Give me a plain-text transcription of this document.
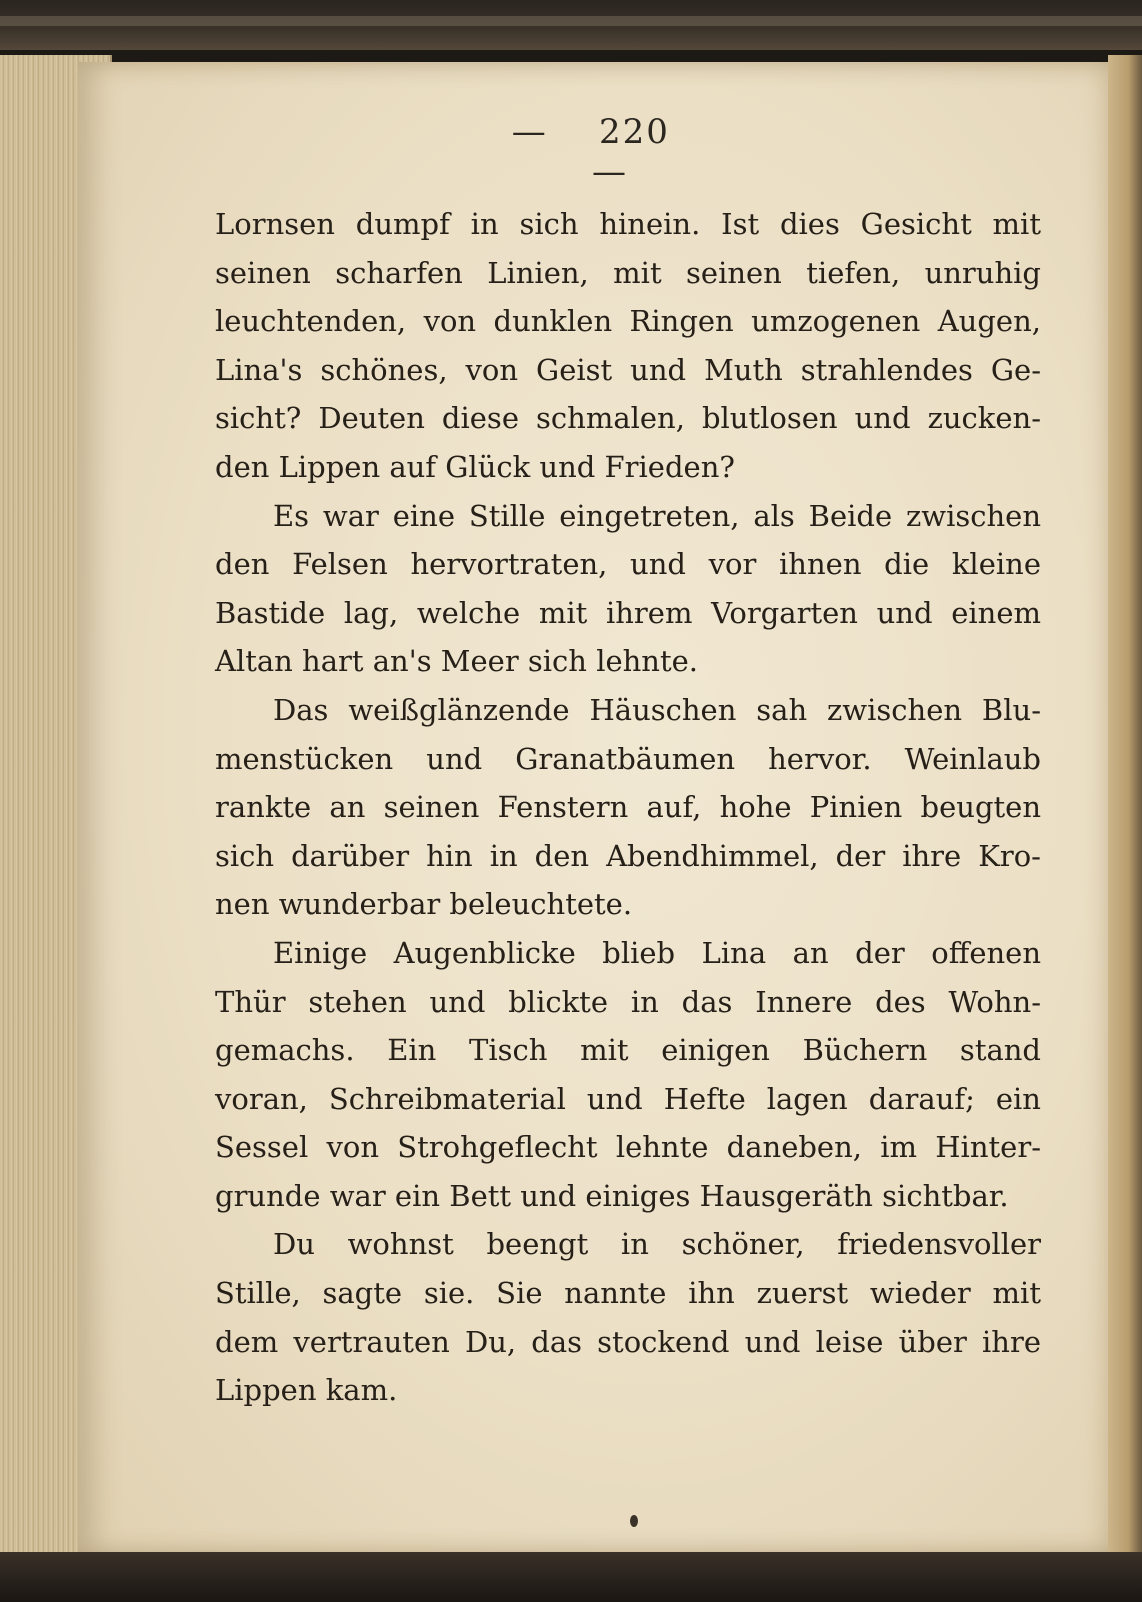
— 220    —
Lornsen dumpf in sich hinein. Ist dies Gesicht mit
seinen scharfen Linien, mit seinen tiefen, unruhig
leuchtenden, von dunklen Ringen umzogenen Augen,
Lina's schönes, von Geist und Muth strahlendes Ge-
sicht? Deuten diese schmalen, blutlosen und zucken-
den Lippen auf Glück und Frieden?
Es war eine Stille eingetreten, als Beide zwischen
den Felsen hervortraten, und vor ihnen die kleine
Bastide lag, welche mit ihrem Vorgarten und einem
Altan hart an's Meer sich lehnte.
Das weißglänzende Häuschen sah zwischen Blu-
menstücken und Granatbäumen hervor. Weinlaub
rankte an seinen Fenstern auf, hohe Pinien beugten
sich darüber hin in den Abendhimmel, der ihre Kro-
nen wunderbar beleuchtete.
Einige Augenblicke blieb Lina an der offenen
Thür stehen und blickte in das Innere des Wohn-
gemachs. Ein Tisch mit einigen Büchern stand
voran, Schreibmaterial und Hefte lagen darauf; ein
Sessel von Strohgeflecht lehnte daneben, im Hinter-
grunde war ein Bett und einiges Hausgeräth sichtbar.
Du wohnst beengt in schöner, friedensvoller
Stille, sagte sie. Sie nannte ihn zuerst wieder mit
dem vertrauten Du, das stockend und leise über ihre
Lippen kam.
